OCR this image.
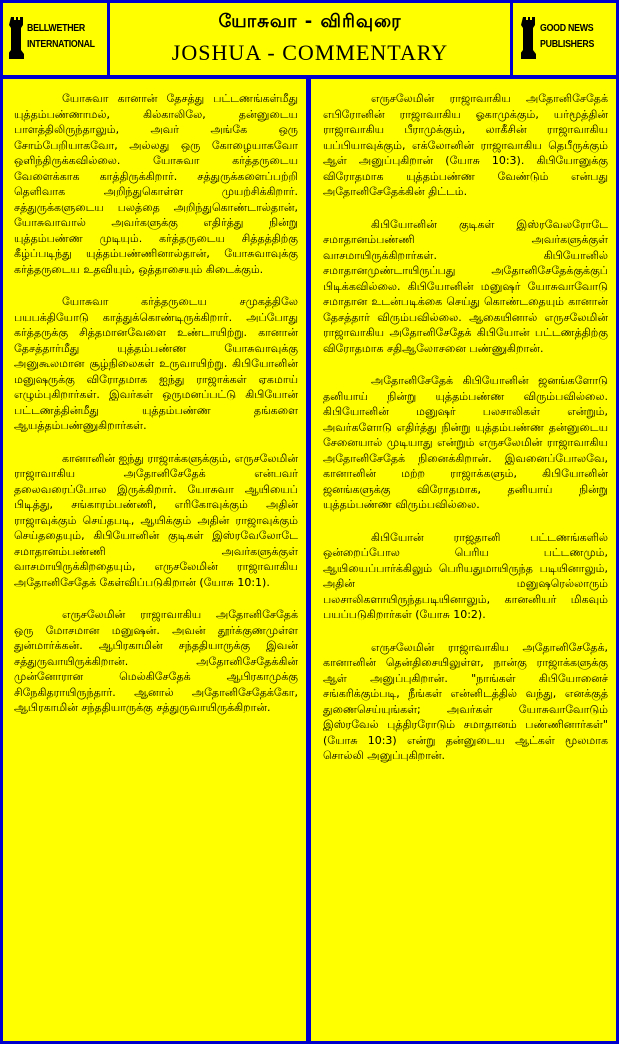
BELLWETHER
INTERNATIONAL
யோசுவா - விரிவுரை
JOSHUA - COMMENTARY
GOOD NEWS
PUBLISHERS

யோசுவா கானான் தேசத்து பட்டணங்கள்மீது யுத்தம்பண்ணாமல், கில்காலிலே, தன்னுடைய பாளத்திலிருந்தாலும், அவர் அங்கே ஒரு சோம்பேறியாகவோ, அல்லது ஒரு கோழையாகவோ ஒளிந்திருக்கவில்லை. யோசுவா கர்த்தருடைய வேளைக்காக காத்திருக்கிறார். சத்துருக்களைப்பற்றி தெளிவாக அறிந்துகொள்ள முயற்சிக்கிறார். சத்துருக்களுடைய பலத்தை அறிந்துகொண்டால்தான், யோசுவாவால் அவர்களுக்கு எதிர்த்து நின்று யுத்தம்பண்ண முடியும். கர்த்தருடைய சித்தத்திற்கு கீழ்ப்படிந்து யுத்தம்பண்ணினால்தான், யோசுவாவுக்கு கர்த்தருடைய உதவியும், ஒத்தாசையும் கிடைக்கும்.

யோசுவா கர்த்தருடைய சமுகத்திலே பயபக்தியோடு காத்துக்கொண்டிருக்கிறார். அப்போது கர்த்தருக்கு சித்தமானவேளை உண்டாயிற்று. கானான் தேசத்தார்மீது யுத்தம்பண்ண யோசுவாவுக்கு அனுகூலமான சூழ்நிலைகள் உருவாயிற்று. கிபியோனின் மனுஷருக்கு விரோதமாக ஐந்து ராஜாக்கள் ஏகமாய் எழும்புகிறார்கள். இவர்கள் ஒருமனப்பட்டு கிபியோன் பட்டணத்தின்மீது யுத்தம்பண்ண தங்களை ஆயத்தம்பண்ணுகிறார்கள்.

கானானின் ஐந்து ராஜாக்களுக்கும், எருசலேமின் ராஜாவாகிய அதோனிசேதேக் என்பவர் தலைவரைப்போல இருக்கிறார். யோசுவா ஆயியைப் பிடித்து, சங்காரம்பண்ணி, எரிகோவுக்கும் அதின் ராஜாவுக்கும் செய்தபடி, ஆயிக்கும் அதின் ராஜாவுக்கும் செய்ததையும், கிபியோனின் குடிகள் இஸ்ரவேலோடே சமாதானம்பண்ணி அவர்களுக்குள் வாசமாயிருக்கிறதையும், எருசலேமின் ராஜாவாகிய அதோனிசேதேக் கேள்விப்படுகிறான் (யோசு 10:1).

எருசலேமின் ராஜாவாகிய அதோனிசேதேக் ஒரு மோசமான மனுஷன். அவன் தூர்க்குணமுள்ள துன்மார்க்கன். ஆபிரகாமின் சந்ததியாருக்கு இவன் சத்துருவாயிருக்கிறான். அதோனிசேதேக்கின் முன்னோரான மெல்கிசேதேக் ஆபிரகாமுக்கு சிநேகிதராயிருந்தார். ஆனால் அதோனிசேதேக்கோ, ஆபிரகாமின் சந்ததியாருக்கு சத்துருவாயிருக்கிறான்.

எருசலேமின் ராஜாவாகிய அதோனிசேதேக் எபிரோனின் ராஜாவாகிய ஓகாமுக்கும், யர்மூத்தின் ராஜாவாகிய பீராமுக்கும், லாகீசின் ராஜாவாகிய யப்பியாவுக்கும், எக்லோனின் ராஜாவாகிய தெபீருக்கும் ஆள் அனுப்புகிறான் (யோசு 10:3). கிபியோனுக்கு விரோதமாக யுத்தம்பண்ண வேண்டும் என்பது அதோனிசேதேக்கின் திட்டம்.

கிபியோனின் குடிகள் இஸ்ரவேலரோடே சமாதானம்பண்ணி அவர்களுக்குள் வாசமாயிருக்கிறார்கள். கிபியோனில் சமாதானமுண்டாயிருப்பது அதோனிசேதேக்குக்குப் பிடிக்கவில்லை. கிபியோனின் மனுஷர் யோசுவாவோடு சமாதான உடன்படிக்கை செய்து கொண்டதையும் கானான் தேசத்தார் விரும்பவில்லை. ஆகையினால் எருசலேமின் ராஜாவாகிய அதோனிசேதேக் கிபியோன் பட்டணத்திற்கு விரோதமாக சதிஆலோசனை பண்ணுகிறான்.

அதோனிசேதேக் கிபியோனின் ஜனங்களோடு தனியாய் நின்று யுத்தம்பண்ண விரும்பவில்லை. கிபியோனின் மனுஷர் பலசாலிகள் என்றும், அவர்களோடு எதிர்த்து நின்று யுத்தம்பண்ண தன்னுடைய சேனையால் முடியாது என்றும் எருசலேமின் ராஜாவாகிய அதோனிசேதேக் நினைக்கிறான். இவனைப்போலவே, கானானின் மற்ற ராஜாக்களும், கிபியோனின் ஜனங்களுக்கு விரோதமாக, தனியாய் நின்று யுத்தம்பண்ண விரும்பவில்லை.

கிபியோன் ராஜதானி பட்டணங்களில் ஒன்றைப்போல பெரிய பட்டணமும், ஆயியைப்பார்க்கிலும் பெரியதுமாயிருந்த படியினாலும், அதின் மனுஷரெல்லாரும் பலசாலிகளாயிருந்தபடியினாலும், கானனியர் மிகவும் பயப்படுகிறார்கள் (யோசு 10:2).

எருசலேமின் ராஜாவாகிய அதோனிசேதேக், கானானின் தென்திசையிலுள்ள, நான்கு ராஜாக்களுக்கு ஆள் அனுப்புகிறான். "நாங்கள் கிபியோனைச் சங்கரிக்கும்படி, நீங்கள் என்னிடத்தில் வந்து, எனக்குத் துணைசெய்யுங்கள்; அவர்கள் யோசுவாவோடும் இஸ்ரவேல் புத்திரரோடும் சமாதானம் பண்ணினார்கள்" (யோசு 10:3) என்று தன்னுடைய ஆட்கள் மூலமாக சொல்லி அனுப்புகிறான்.
